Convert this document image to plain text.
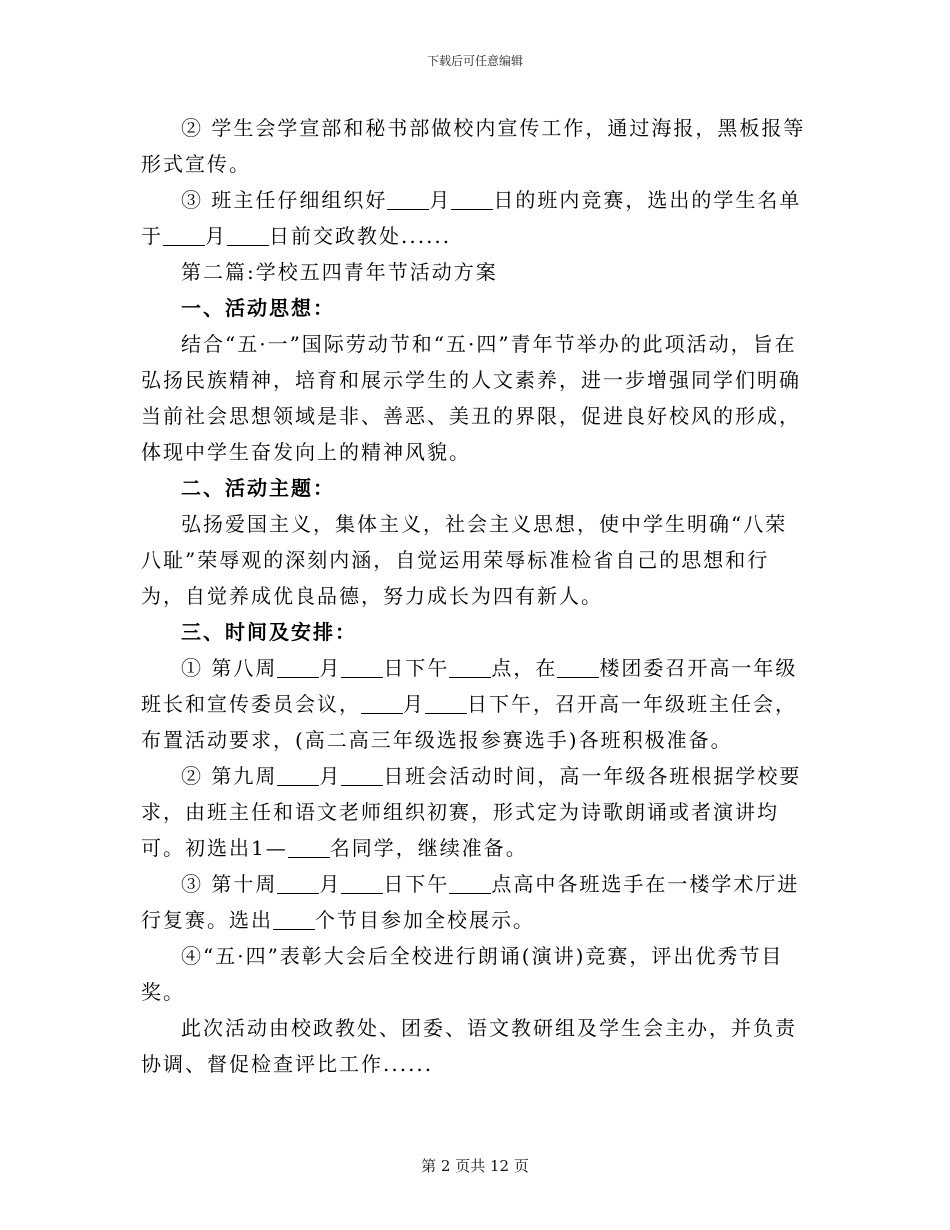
下载后可任意编辑

② 学生会学宣部和秘书部做校内宣传工作，通过海报，黑板报等形式宣传。

③ 班主任仔细组织好 月 日的班内竞赛，选出的学生名单于 月 日前交政教处......

第二篇:学校五四青年节活动方案

一、活动思想：

结合“五·一”国际劳动节和“五·四”青年节举办的此项活动，旨在弘扬民族精神，培育和展示学生的人文素养，进一步增强同学们明确当前社会思想领域是非、善恶、美丑的界限，促进良好校风的形成，体现中学生奋发向上的精神风貌。

二、活动主题：

弘扬爱国主义，集体主义，社会主义思想，使中学生明确“八荣八耻”荣辱观的深刻内涵，自觉运用荣辱标准检省自己的思想和行为，自觉养成优良品德，努力成长为四有新人。

三、时间及安排：

① 第八周 月 日下午 点，在 楼团委召开高一年级班长和宣传委员会议， 月 日下午，召开高一年级班主任会，布置活动要求，(高二高三年级选报参赛选手)各班积极准备。

② 第九周 月 日班会活动时间，高一年级各班根据学校要求，由班主任和语文老师组织初赛，形式定为诗歌朗诵或者演讲均可。初选出1— 名同学，继续准备。

③ 第十周 月 日下午 点高中各班选手在一楼学术厅进行复赛。选出 个节目参加全校展示。

④“五·四”表彰大会后全校进行朗诵(演讲)竞赛，评出优秀节目奖。

此次活动由校政教处、团委、语文教研组及学生会主办，并负责协调、督促检查评比工作......

第 2 页共 12 页
